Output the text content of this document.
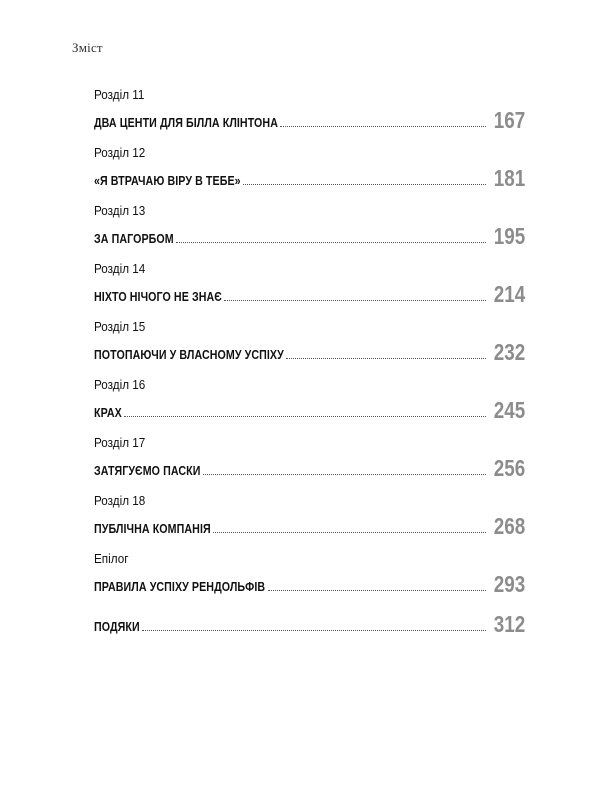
Зміст
Розділ 11
ДВА ЦЕНТИ ДЛЯ БІЛЛА КЛІНТОНА	167
Розділ 12
«Я ВТРАЧАЮ ВІРУ В ТЕБЕ»	181
Розділ 13
ЗА ПАГОРБОМ	195
Розділ 14
НІХТО НІЧОГО НЕ ЗНАЄ	214
Розділ 15
ПОТОПАЮЧИ У ВЛАСНОМУ УСПІХУ	232
Розділ 16
КРАХ	245
Розділ 17
ЗАТЯГУЄМО ПАСКИ	256
Розділ 18
ПУБЛІЧНА КОМПАНІЯ	268
Епілог
ПРАВИЛА УСПІХУ РЕНДОЛЬФІВ	293
ПОДЯКИ	312
